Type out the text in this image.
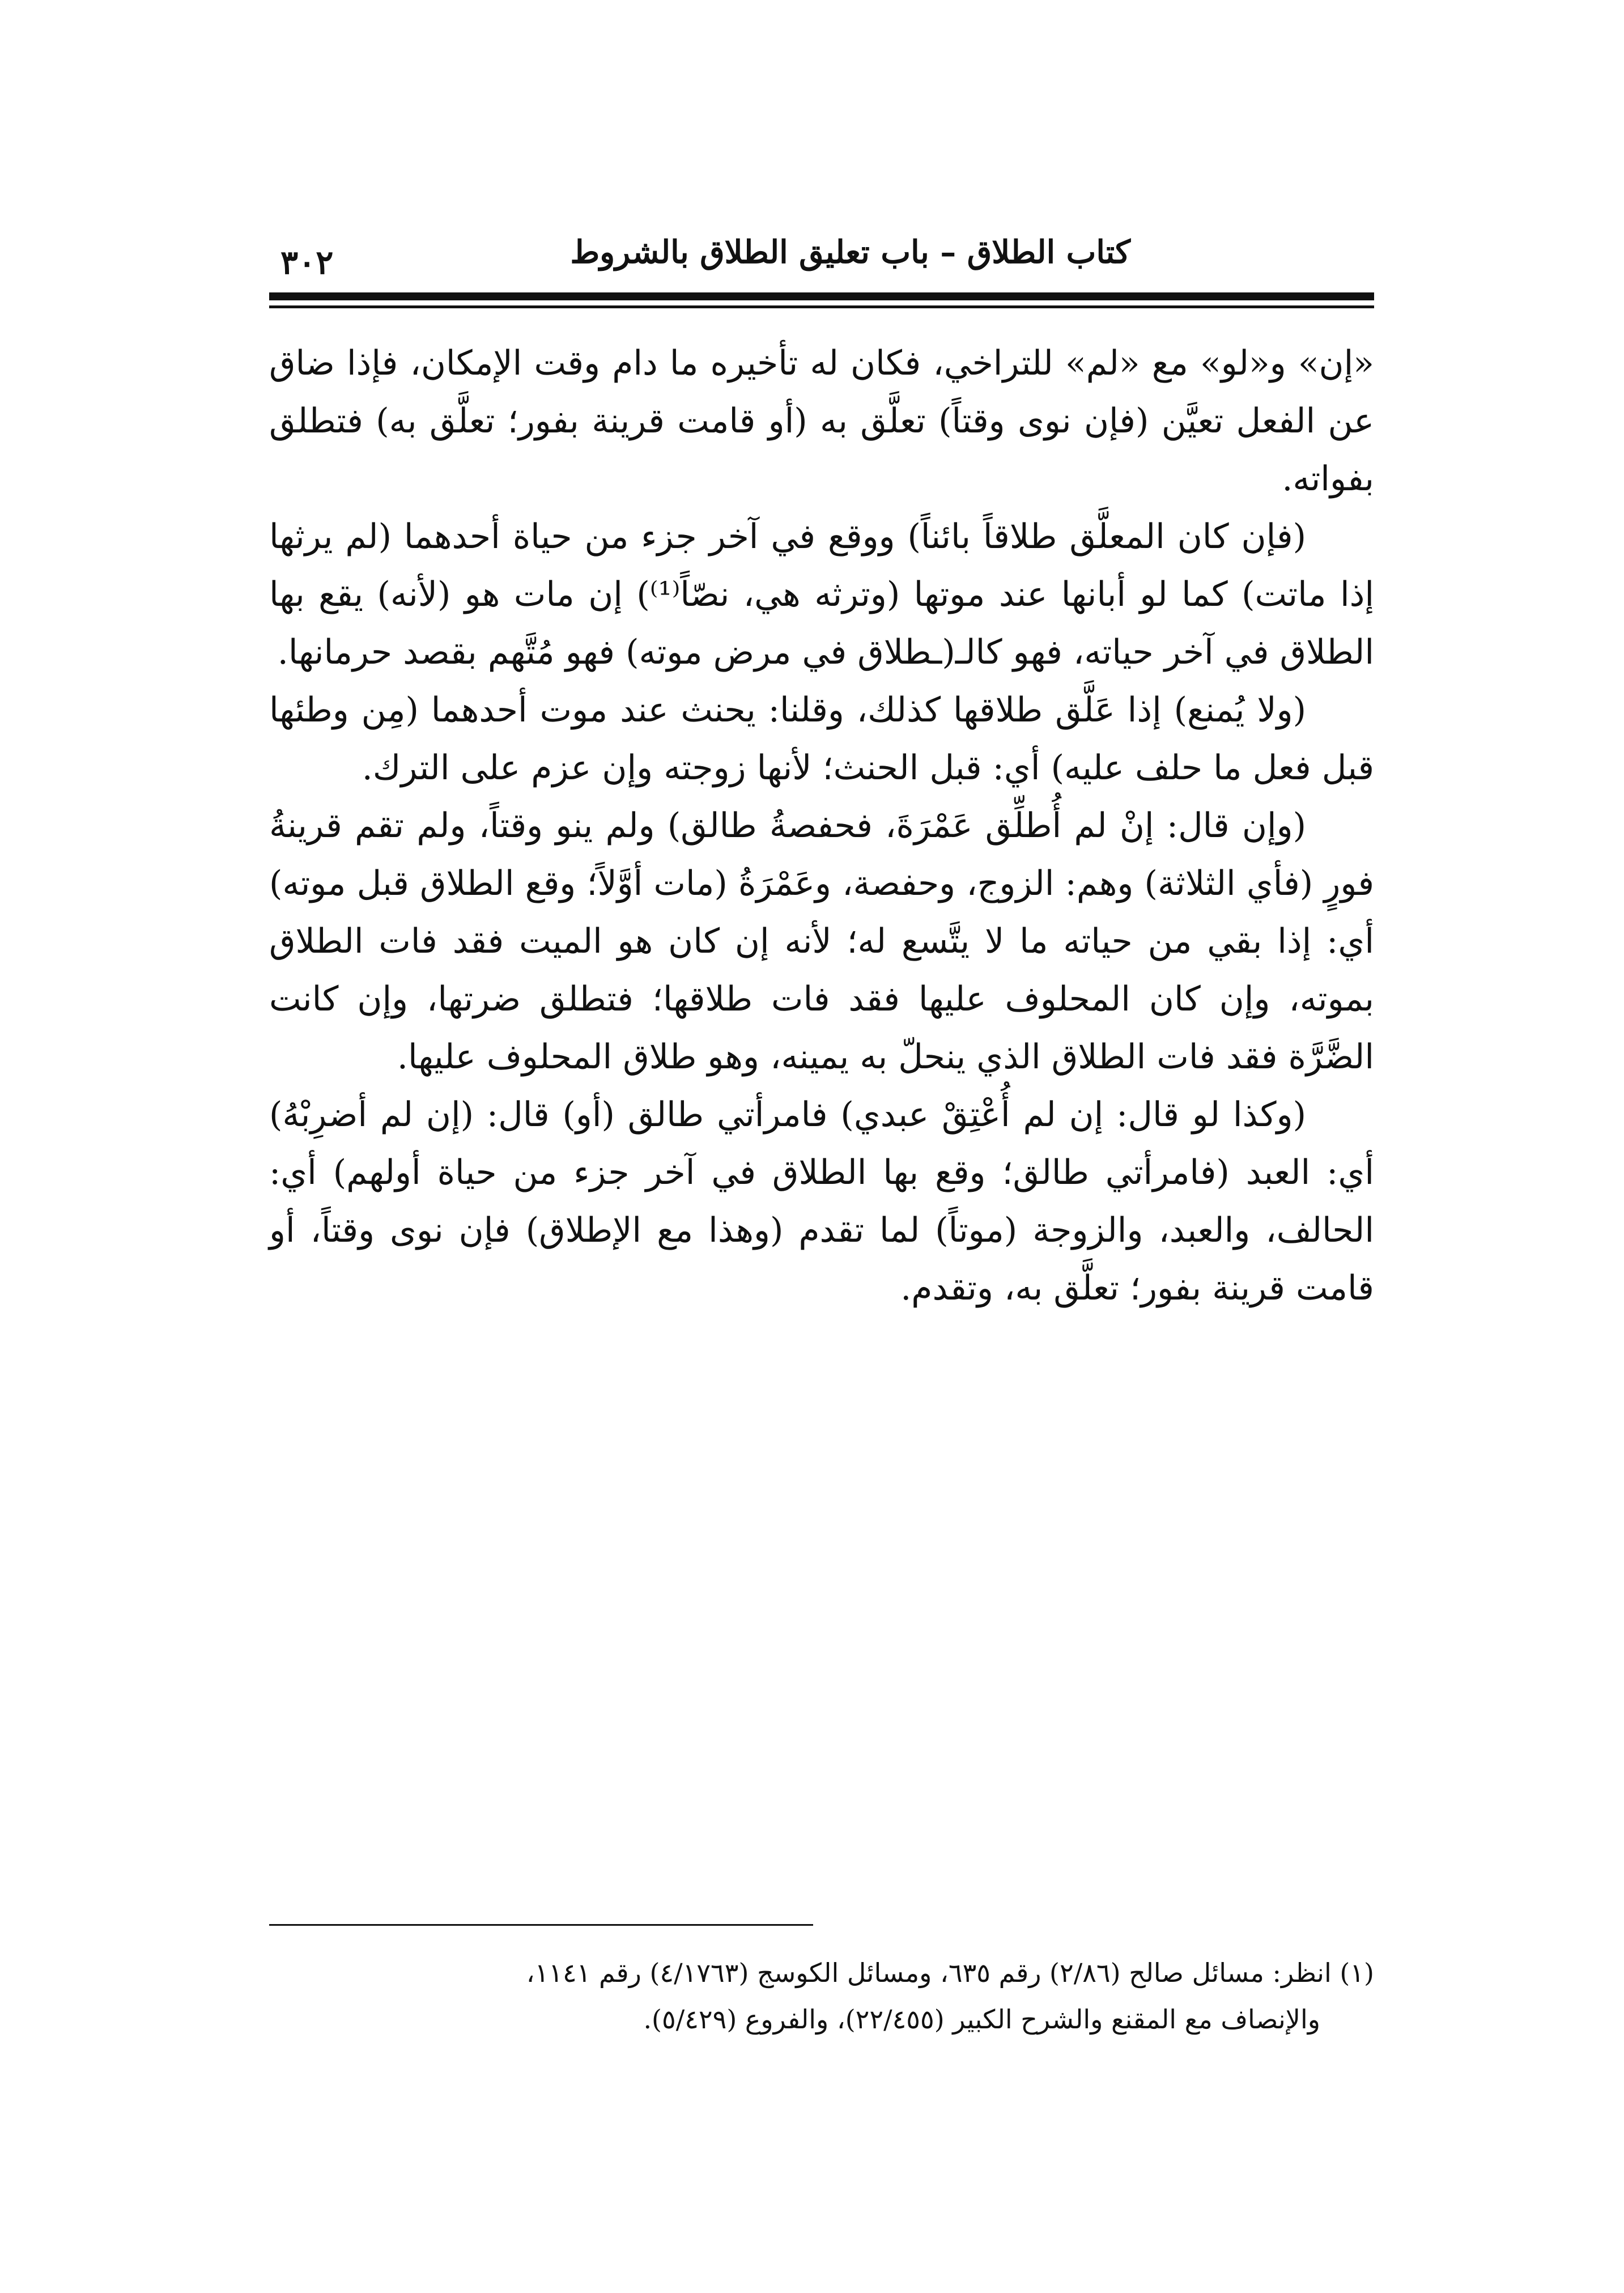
كتاب الطلاق – باب تعليق الطلاق بالشروط
٣٠٢

«إن» و«لو» مع «لم» للتراخي، فكان له تأخيره ما دام وقت الإمكان، فإذا ضاق عن الفعل تعيَّن (فإن نوى وقتاً) تعلَّق به (أو قامت قرينة بفور؛ تعلَّق به) فتطلق بفواته.

(فإن كان المعلَّق طلاقاً بائناً) ووقع في آخر جزء من حياة أحدهما (لم يرثها إذا ماتت) كما لو أبانها عند موتها (وترثه هي، نصّاً⁽¹⁾) إن مات هو (لأنه) يقع بها الطلاق في آخر حياته، فهو كالـ(ـطلاق في مرض موته) فهو مُتَّهم بقصد حرمانها.

(ولا يُمنع) إذا عَلَّق طلاقها كذلك، وقلنا: يحنث عند موت أحدهما (مِن وطئها قبل فعل ما حلف عليه) أي: قبل الحنث؛ لأنها زوجته وإن عزم على الترك.

(وإن قال: إنْ لم أُطلِّق عَمْرَةَ، فحفصةُ طالق) ولم ينو وقتاً، ولم تقم قرينةُ فورٍ (فأي الثلاثة) وهم: الزوج، وحفصة، وعَمْرَةُ (مات أوَّلاً؛ وقع الطلاق قبل موته) أي: إذا بقي من حياته ما لا يتَّسع له؛ لأنه إن كان هو الميت فقد فات الطلاق بموته، وإن كان المحلوف عليها فقد فات طلاقها؛ فتطلق ضرتها، وإن كانت الضَّرَّة فقد فات الطلاق الذي ينحلّ به يمينه، وهو طلاق المحلوف عليها.

(وكذا لو قال: إن لم أُعْتِقْ عبدي) فامرأتي طالق (أو) قال: (إن لم أضرِبْهُ) أي: العبد (فامرأتي طالق؛ وقع بها الطلاق في آخر جزء من حياة أولهم) أي: الحالف، والعبد، والزوجة (موتاً) لما تقدم (وهذا مع الإطلاق) فإن نوى وقتاً، أو قامت قرينة بفور؛ تعلَّق به، وتقدم.

(١) انظر: مسائل صالح (٢/٨٦) رقم ٦٣٥، ومسائل الكوسج (٤/١٧٦٣) رقم ١١٤١،

والإنصاف مع المقنع والشرح الكبير (٢٢/٤٥٥)، والفروع (٥/٤٢٩).
